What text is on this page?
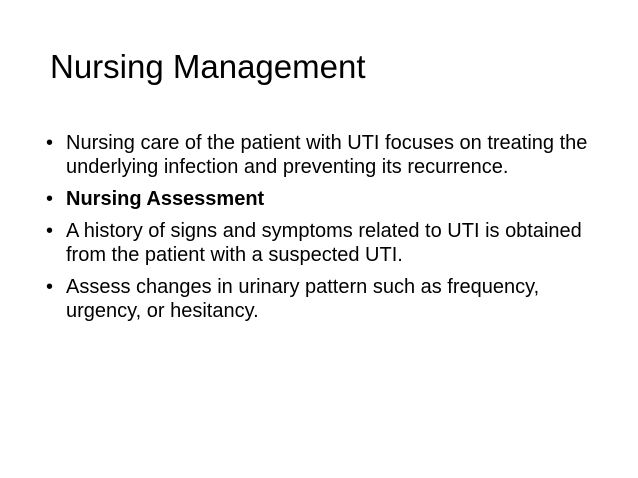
Nursing Management
• Nursing care of the patient with UTI focuses on treating the underlying infection and preventing its recurrence.
• Nursing Assessment
• A history of signs and symptoms related to UTI is obtained from the patient with a suspected UTI.
• Assess changes in urinary pattern such as frequency, urgency, or hesitancy.
